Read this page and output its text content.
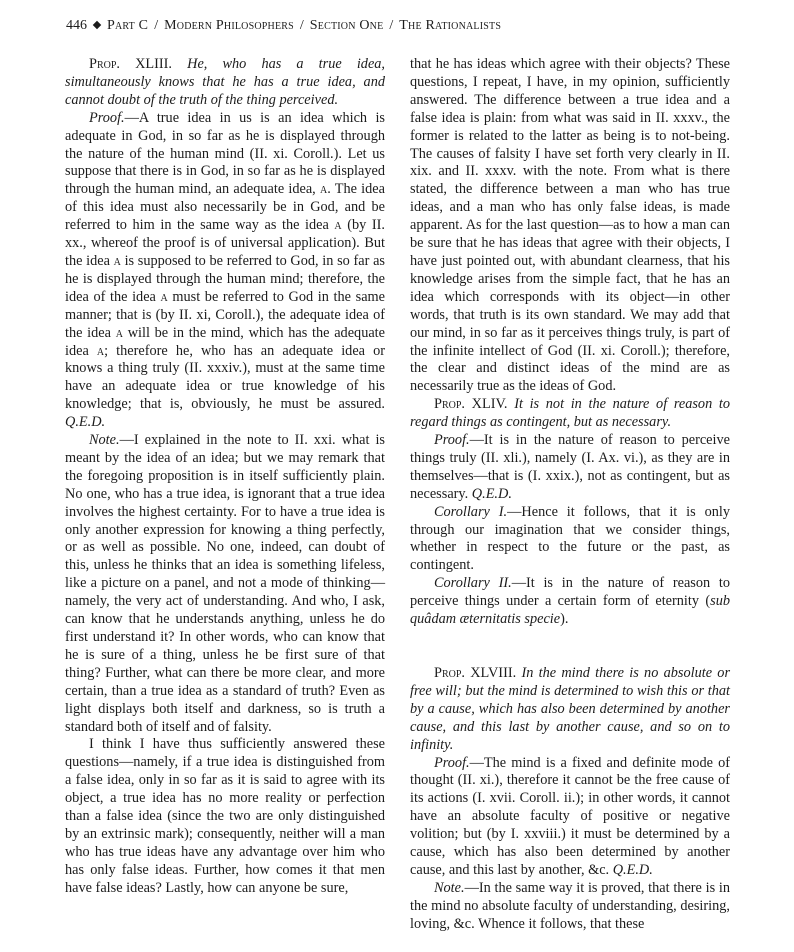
446 Part C / Modern Philosophers / Section One / The Rationalists

Prop. XLIII. He, who has a true idea, simultaneously knows that he has a true idea, and cannot doubt of the truth of the thing perceived.

Proof.—A true idea in us is an idea which is adequate in God, in so far as he is displayed through the nature of the human mind (II. xi. Coroll.). Let us suppose that there is in God, in so far as he is displayed through the human mind, an adequate idea, a. The idea of this idea must also necessarily be in God, and be referred to him in the same way as the idea a (by II. xx., whereof the proof is of universal application). But the idea a is supposed to be referred to God, in so far as he is displayed through the human mind; therefore, the idea of the idea a must be referred to God in the same manner; that is (by II. xi, Coroll.), the adequate idea of the idea a will be in the mind, which has the adequate idea a; therefore he, who has an adequate idea or knows a thing truly (II. xxxiv.), must at the same time have an adequate idea or true knowledge of his knowledge; that is, obviously, he must be assured. Q.E.D.

Note.—I explained in the note to II. xxi. what is meant by the idea of an idea; but we may remark that the foregoing proposition is in itself sufficiently plain. No one, who has a true idea, is ignorant that a true idea involves the highest certainty. For to have a true idea is only another expression for knowing a thing perfectly, or as well as possible. No one, indeed, can doubt of this, unless he thinks that an idea is something lifeless, like a picture on a panel, and not a mode of thinking—namely, the very act of understanding. And who, I ask, can know that he understands anything, unless he do first understand it? In other words, who can know that he is sure of a thing, unless he be first sure of that thing? Further, what can there be more clear, and more certain, than a true idea as a standard of truth? Even as light displays both itself and darkness, so is truth a standard both of itself and of falsity.

I think I have thus sufficiently answered these questions—namely, if a true idea is distinguished from a false idea, only in so far as it is said to agree with its object, a true idea has no more reality or perfection than a false idea (since the two are only distinguished by an extrinsic mark); consequently, neither will a man who has true ideas have any advantage over him who has only false ideas. Further, how comes it that men have false ideas? Lastly, how can anyone be sure,

that he has ideas which agree with their objects? These questions, I repeat, I have, in my opinion, sufficiently answered. The difference between a true idea and a false idea is plain: from what was said in II. xxxv., the former is related to the latter as being is to not-being. The causes of falsity I have set forth very clearly in II. xix. and II. xxxv. with the note. From what is there stated, the difference between a man who has true ideas, and a man who has only false ideas, is made apparent. As for the last question—as to how a man can be sure that he has ideas that agree with their objects, I have just pointed out, with abundant clearness, that his knowledge arises from the simple fact, that he has an idea which corresponds with its object—in other words, that truth is its own standard. We may add that our mind, in so far as it perceives things truly, is part of the infinite intellect of God (II. xi. Coroll.); therefore, the clear and distinct ideas of the mind are as necessarily true as the ideas of God.

Prop. XLIV. It is not in the nature of reason to regard things as contingent, but as necessary.

Proof.—It is in the nature of reason to perceive things truly (II. xli.), namely (I. Ax. vi.), as they are in themselves—that is (I. xxix.), not as contingent, but as necessary. Q.E.D.

Corollary I.—Hence it follows, that it is only through our imagination that we consider things, whether in respect to the future or the past, as contingent.

Corollary II.—It is in the nature of reason to perceive things under a certain form of eternity (sub quâdam æternitatis specie).

Prop. XLVIII. In the mind there is no absolute or free will; but the mind is determined to wish this or that by a cause, which has also been determined by another cause, and this last by another cause, and so on to infinity.

Proof.—The mind is a fixed and definite mode of thought (II. xi.), therefore it cannot be the free cause of its actions (I. xvii. Coroll. ii.); in other words, it cannot have an absolute faculty of positive or negative volition; but (by I. xxviii.) it must be determined by a cause, which has also been determined by another cause, and this last by another, &c. Q.E.D.

Note.—In the same way it is proved, that there is in the mind no absolute faculty of understanding, desiring, loving, &c. Whence it follows, that these
